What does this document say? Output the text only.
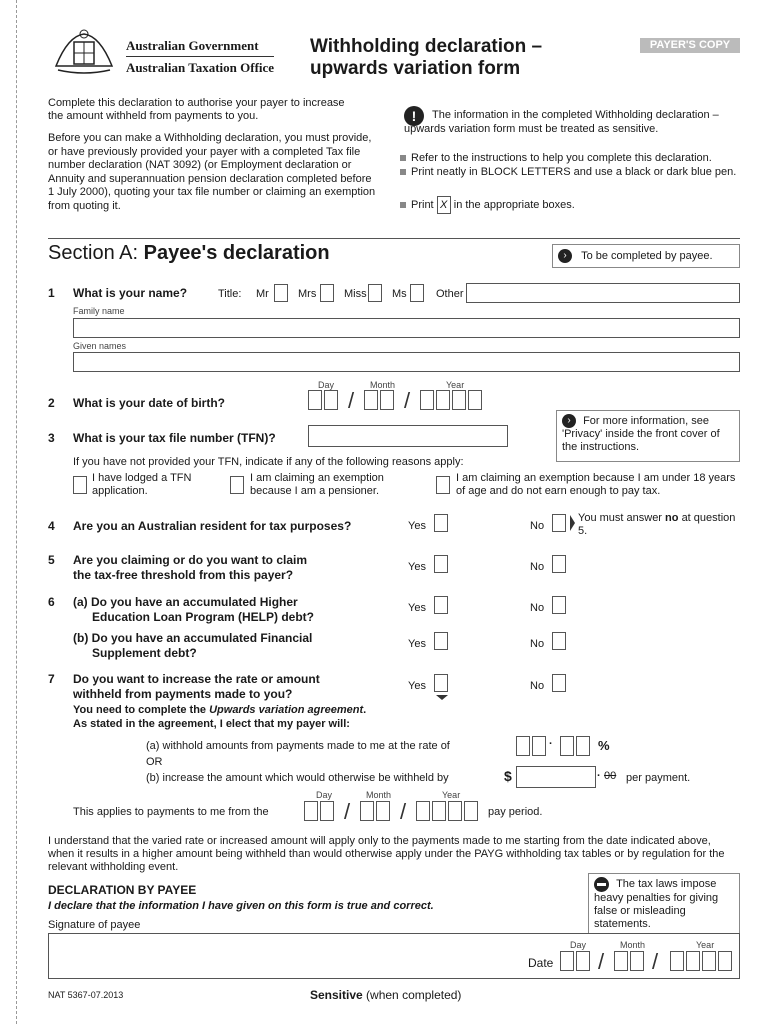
Australian Government
Australian Taxation Office
Withholding declaration –
upwards variation form
PAYER'S COPY
Complete this declaration to authorise your payer to increase the amount withheld from payments to you.
Before you can make a Withholding declaration, you must provide, or have previously provided your payer with a completed Tax file number declaration (NAT 3092) (or Employment declaration or Annuity and superannuation pension declaration completed before 1 July 2000), quoting your tax file number or claiming an exemption from quoting it.
!	The information in the completed Withholding declaration – upwards variation form must be treated as sensitive.
Refer to the instructions to help you complete this declaration.
Print neatly in BLOCK LETTERS and use a black or dark blue pen.
Print X in the appropriate boxes.
Section A: Payee's declaration	› To be completed by payee.
1 What is your name?	Title: Mr	Mrs	Miss Ms	Other
Family name
Given names
Day	Month	Year
2 What is your date of birth?	/ /
3 What is your tax file number (TFN)?
› For more information, see 'Privacy' inside the front cover of the instructions.
If you have not provided your TFN, indicate if any of the following reasons apply:
I have lodged a TFN application.
I am claiming an exemption because I am a pensioner.
I am claiming an exemption because I am under 18 years of age and do not earn enough to pay tax.
4 Are you an Australian resident for tax purposes?	Yes	No
You must answer no at question 5.
5 Are you claiming or do you want to claim
the tax-free threshold from this payer?
Yes	No
6 (a) Do you have an accumulated Higher
Education Loan Program (HELP) debt?
Yes	No
(b) Do you have an accumulated Financial
Supplement debt?
Yes	No
7 Do you want to increase the rate or amount
withheld from payments made to you?
Yes	No
You need to complete the Upwards variation agreement.
As stated in the agreement, I elect that my payer will:
(a) withhold amounts from payments made to me at the rate of	·	%
OR
(b) increase the amount which would otherwise be withheld by	$	· 00 per payment.
Day	Month	Year
This applies to payments to me from the	/ /	pay period.
I understand that the varied rate or increased amount will apply only to the payments made to me starting from the date indicated above, when it results in a higher amount being withheld than would otherwise apply under the PAYG withholding tax tables or by regulation for the relevant withholding event.
DECLARATION BY PAYEE
I declare that the information I have given on this form is true and correct.
Signature of payee
The tax laws impose heavy penalties for giving false or misleading statements.
Day	Month	Year
Date / /
NAT 5367-07.2013	Sensitive (when completed)
